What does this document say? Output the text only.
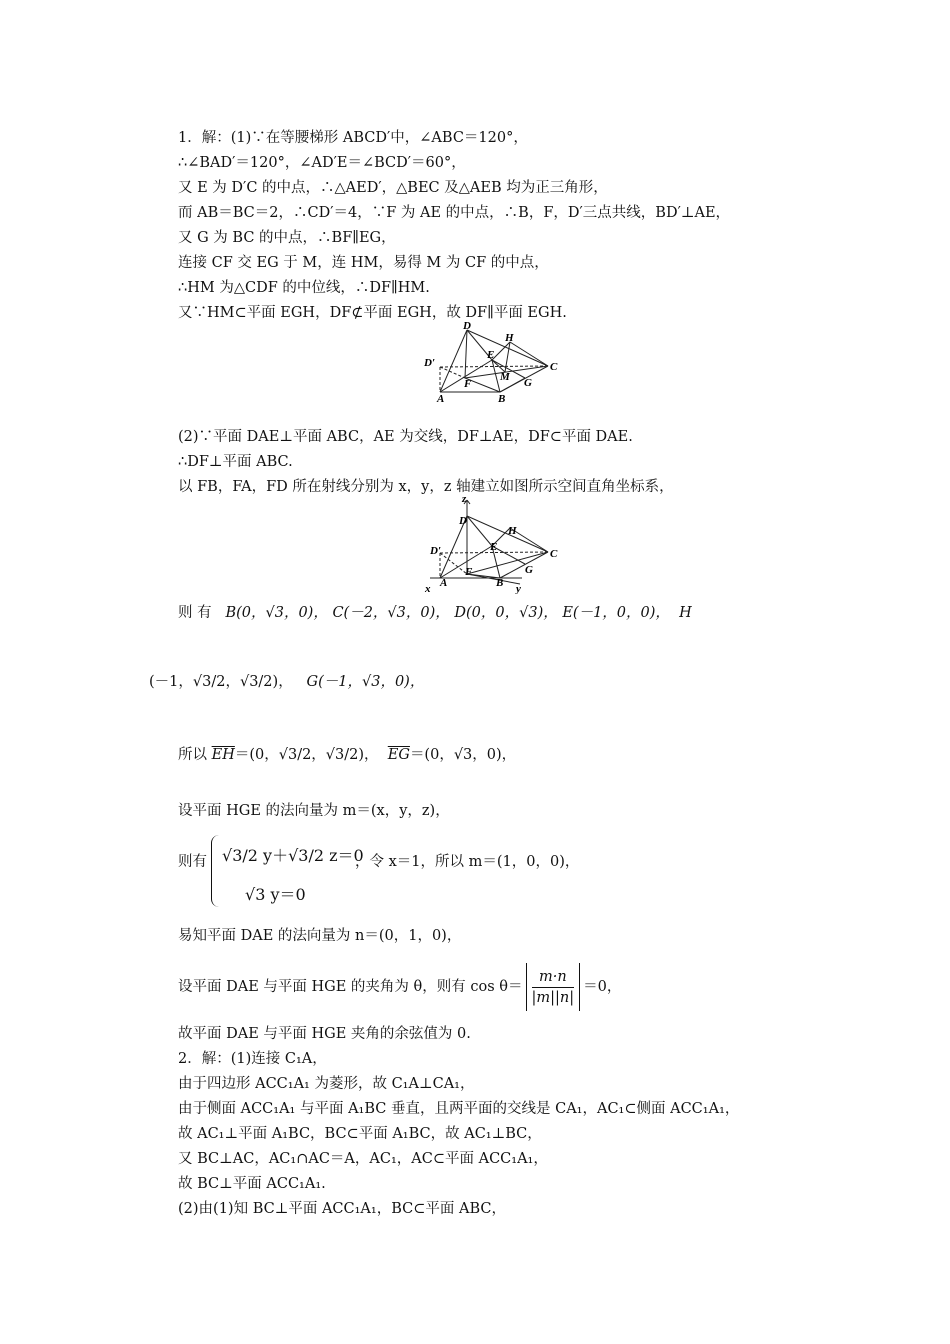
1．解：(1)∵在等腰梯形 ABCD′中，∠ABC＝120°，
∴∠BAD′＝120°，∠AD′E＝∠BCD′＝60°，
又 E 为 D′C 的中点，∴△AED′，△BEC 及△AEB 均为正三角形，
而 AB＝BC＝2，∴CD′＝4，∵F 为 AE 的中点，∴B，F，D′三点共线，BD′⊥AE，
又 G 为 BC 的中点，∴BF∥EG，
连接 CF 交 EG 于 M，连 HM，易得 M 为 CF 的中点，
∴HM 为△CDF 的中位线，∴DF∥HM.
又∵HM⊂平面 EGH，DF⊄平面 EGH，故 DF∥平面 EGH.
D
H
D′
E
C
M
F	G
A	B
(2)∵平面 DAE⊥平面 ABC，AE 为交线，DF⊥AE，DF⊂平面 DAE.
∴DF⊥平面 ABC.
以 FB，FA，FD 所在射线分别为 x，y，z 轴建立如图所示空间直角坐标系，
z
D
H
D′	E
C
F	G
A	B
x	y
则 有 B(0，√3，0)， C(－2，√3，0)， D(0，0，√3)， E(－1，0，0)， H
(－1，√3/2，√3/2)， G(－1，√3，0)，
所以 $\overline{EH}=(0$，√3/2，√3/2)， $\overline{EG}=(0$，√3，0)，
设平面 HGE 的法向量为 m＝(x，y，z)，
则有 √3/2 y＋√3/2 z＝0
√3 y＝0
，令 x＝1，所以 m＝(1，0，0)，
易知平面 DAE 的法向量为 n＝(0，1，0)，
设平面 DAE 与平面 HGE 的夹角为 θ，则有 $\cos \theta= \frac{m\cdot n}{|m||n|} =0$，
故平面 DAE 与平面 HGE 夹角的余弦值为 0.
2．解：(1)连接 C₁A，
由于四边形 ACC₁A₁ 为菱形，故 C₁A⊥CA₁，
由于侧面 ACC₁A₁ 与平面 A₁BC 垂直，且两平面的交线是 CA₁，AC₁⊂侧面 ACC₁A₁，
故 AC₁⊥平面 A₁BC，BC⊂平面 A₁BC，故 AC₁⊥BC，
又 BC⊥AC，AC₁∩AC＝A，AC₁，AC⊂平面 ACC₁A₁，
故 BC⊥平面 ACC₁A₁.
(2)由(1)知 BC⊥平面 ACC₁A₁，BC⊂平面 ABC，
